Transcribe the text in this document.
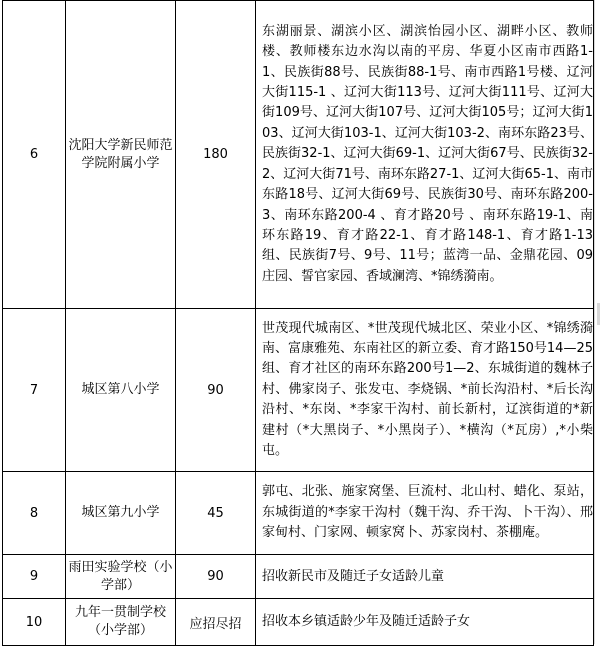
6	沈阳大学新民师范学院附属小学	180	东湖丽景、湖滨小区、湖滨怡园小区、湖畔小区、教师楼、教师楼东边水沟以南的平房、华夏小区南市西路1-1、民族街88号、民族街88-1号、南市西路1号楼、辽河大街115-1 、辽河大街113号、辽河大街111号、辽河大街109号、辽河大街107号、辽河大街105号；辽河大街103、辽河大街103-1、辽河大街103-2、南环东路23号、民族街32-1、辽河大街69-1、辽河大街67号、民族街32-2、辽河大街71号、南环东路27-1、辽河大街65-1、南市东路18号、辽河大街69号、民族街30号、南环东路200-3、南环东路200-4 、育才路20号 、南环东路19-1、南环东路19、育才路22-1、育才路148-1、育才路1-13组、民族街7号、9号、11号；蓝湾一品、金鼎花园、09庄园、誓官家园、香域澜湾、*锦绣漪南。
7	城区第八小学	90	世茂现代城南区、*世茂现代城北区、荣业小区、*锦绣漪南、富康雅苑、东南社区的新立委、育才路150号14—25组、育才社区的南环东路200号1—2、东城街道的魏林子村、佛家岗子、张发屯、李烧锅、*前长沟沿村、*后长沟沿村、*东岗、*李家干沟村、前长新村，辽滨街道的*新建村（*大黑岗子、*小黑岗子）、*横沟（*瓦房）,*小柴屯。
8	城区第九小学	45	郭屯、北张、施家窝堡、巨流村、北山村、蜡化、泵站，东城街道的*李家干沟村（魏干沟、乔干沟、卜干沟）、邢家甸村、门家网、顿家窝卜、苏家岗村、茶棚庵。
9	雨田实验学校（小学部）	90	招收新民市及随迁子女适龄儿童
10	九年一贯制学校（小学部）	应招尽招	招收本乡镇适龄少年及随迁适龄子女
